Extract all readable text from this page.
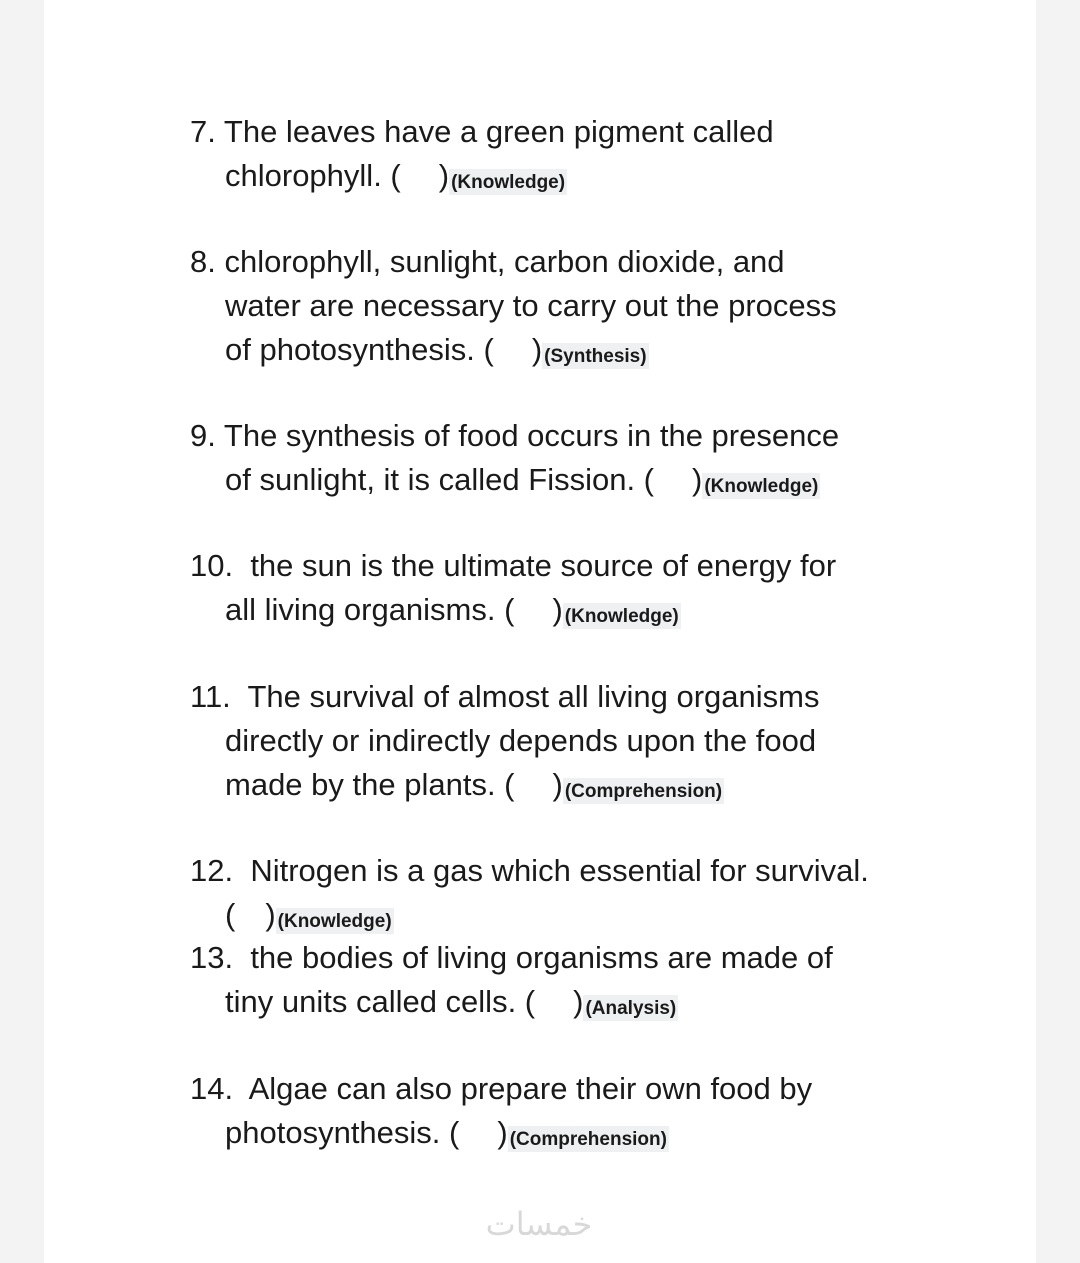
7. The leaves have a green pigment called
chlorophyll. ( ) (Knowledge)
8. chlorophyll, sunlight, carbon dioxide, and
water are necessary to carry out the process
of photosynthesis. ( ) (Synthesis)
9. The synthesis of food occurs in the presence
of sunlight, it is called Fission. ( ) (Knowledge)
10.  the sun is the ultimate source of energy for
all living organisms. ( ) (Knowledge)
11.  The survival of almost all living organisms
directly or indirectly depends upon the food
made by the plants. ( ) (Comprehension)
12.  Nitrogen is a gas which essential for survival.
( ) (Knowledge)
13.  the bodies of living organisms are made of
tiny units called cells. ( ) (Analysis)
14.  Algae can also prepare their own food by
photosynthesis. ( ) (Comprehension)
خمسات
